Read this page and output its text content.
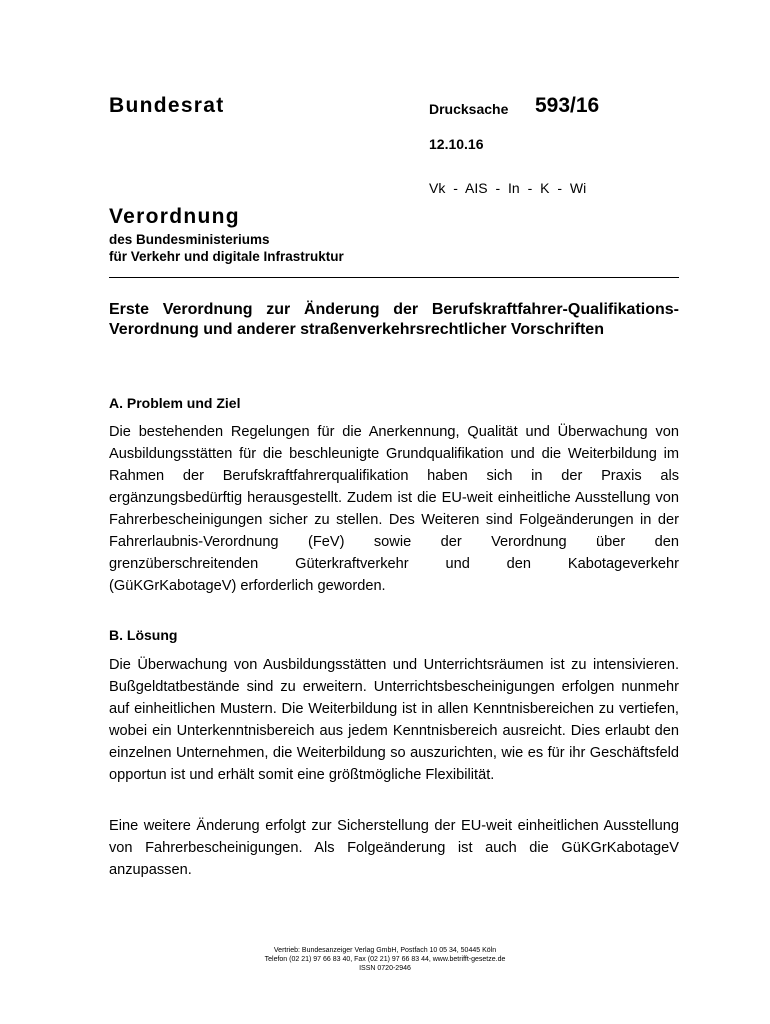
Bundesrat	Drucksache 593/16
12.10.16
Vk - AIS - In - K - Wi
Verordnung
des Bundesministeriums
für Verkehr und digitale Infrastruktur
Erste Verordnung zur Änderung der Berufskraftfahrer-Qualifikations-Verordnung und anderer straßenverkehrsrechtlicher Vorschriften
A. Problem und Ziel
Die bestehenden Regelungen für die Anerkennung, Qualität und Überwachung von Ausbildungsstätten für die beschleunigte Grundqualifikation und die Weiterbildung im Rahmen der Berufskraftfahrerqualifikation haben sich in der Praxis als ergänzungsbedürftig herausgestellt. Zudem ist die EU-weit einheitliche Ausstellung von Fahrerbescheinigungen sicher zu stellen. Des Weiteren sind Folgeänderungen in der Fahrerlaubnis-Verordnung (FeV) sowie der Verordnung über den grenzüberschreitenden Güterkraftverkehr und den Kabotageverkehr (GüKGrKabotageV) erforderlich geworden.
B. Lösung
Die Überwachung von Ausbildungsstätten und Unterrichtsräumen ist zu intensivieren. Bußgeldtatbestände sind zu erweitern. Unterrichtsbescheinigungen erfolgen nunmehr auf einheitlichen Mustern. Die Weiterbildung ist in allen Kenntnisbereichen zu vertiefen, wobei ein Unterkenntnisbereich aus jedem Kenntnisbereich ausreicht. Dies erlaubt den einzelnen Unternehmen, die Weiterbildung so auszurichten, wie es für ihr Geschäftsfeld opportun ist und erhält somit eine größtmögliche Flexibilität.
Eine weitere Änderung erfolgt zur Sicherstellung der EU-weit einheitlichen Ausstellung von Fahrerbescheinigungen. Als Folgeänderung ist auch die GüKGrKabotageV anzupassen.
Vertrieb: Bundesanzeiger Verlag GmbH, Postfach 10 05 34, 50445 Köln
Telefon (02 21) 97 66 83 40, Fax (02 21) 97 66 83 44, www.betrifft-gesetze.de
ISSN 0720-2946
